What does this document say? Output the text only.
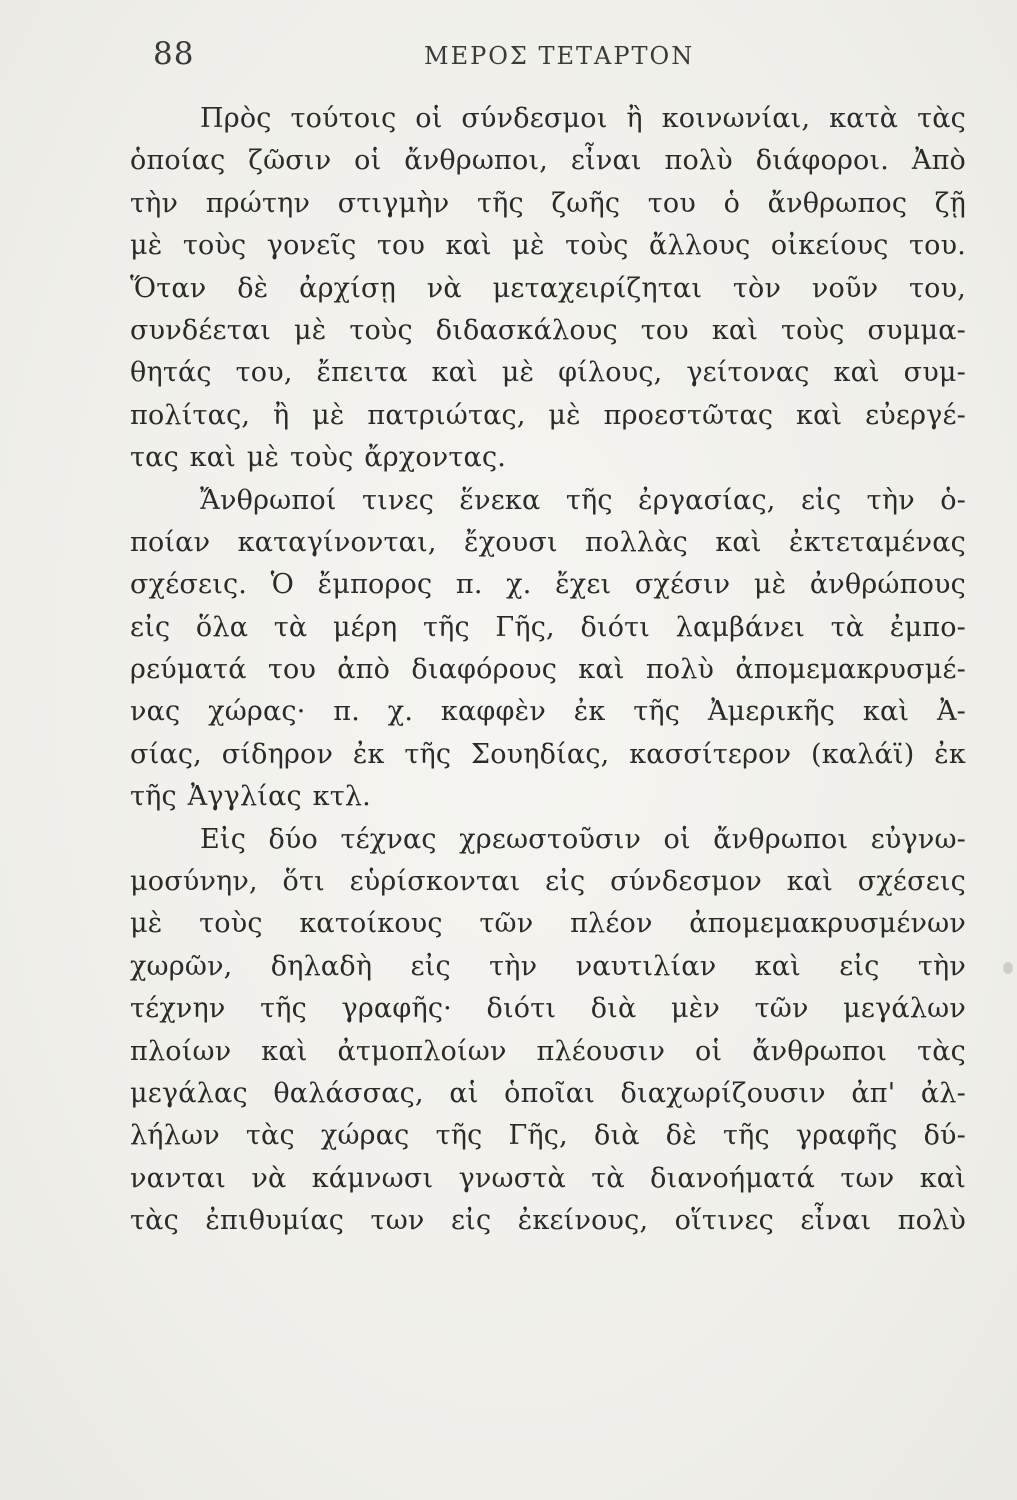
88	ΜΕΡΟΣ ΤΕΤΑΡΤΟΝ
Πρὸς τούτοις οἱ σύνδεσμοι ἢ κοινωνίαι, κατὰ τὰς
ὁποίας ζῶσιν οἱ ἄνθρωποι, εἶναι πολὺ διάφοροι. Ἀπὸ
τὴν πρώτην στιγμὴν τῆς ζωῆς του ὁ ἄνθρωπος ζῇ
μὲ τοὺς γονεῖς του καὶ μὲ τοὺς ἄλλους οἰκείους του.
Ὅταν δὲ ἀρχίσῃ νὰ μεταχειρίζηται τὸν νοῦν του,
συνδέεται μὲ τοὺς διδασκάλους του καὶ τοὺς συμμα-
θητάς του, ἔπειτα καὶ μὲ φίλους, γείτονας καὶ συμ-
πολίτας, ἢ μὲ πατριώτας, μὲ προεστῶτας καὶ εὐεργέ-
τας καὶ μὲ τοὺς ἄρχοντας.
Ἄνθρωποί τινες ἕνεκα τῆς ἐργασίας, εἰς τὴν ὁ-
ποίαν καταγίνονται, ἔχουσι πολλὰς καὶ ἐκτεταμένας
σχέσεις. Ὁ ἔμπορος π. χ. ἔχει σχέσιν μὲ ἀνθρώπους
εἰς ὅλα τὰ μέρη τῆς Γῆς, διότι λαμβάνει τὰ ἐμπο-
ρεύματά του ἀπὸ διαφόρους καὶ πολὺ ἀπομεμακρυσμέ-
νας χώρας· π. χ. καφφὲν ἐκ τῆς Ἀμερικῆς καὶ Ἀ-
σίας, σίδηρον ἐκ τῆς Σουηδίας, κασσίτερον (καλάϊ) ἐκ
τῆς Ἀγγλίας κτλ.
Εἰς δύο τέχνας χρεωστοῦσιν οἱ ἄνθρωποι εὐγνω-
μοσύνην, ὅτι εὑρίσκονται εἰς σύνδεσμον καὶ σχέσεις
μὲ τοὺς κατοίκους τῶν πλέον ἀπομεμακρυσμένων
χωρῶν, δηλαδὴ εἰς τὴν ναυτιλίαν καὶ εἰς τὴν
τέχνην τῆς γραφῆς· διότι διὰ μὲν τῶν μεγάλων
πλοίων καὶ ἀτμοπλοίων πλέουσιν οἱ ἄνθρωποι τὰς
μεγάλας θαλάσσας, αἱ ὁποῖαι διαχωρίζουσιν ἀπ' ἀλ-
λήλων τὰς χώρας τῆς Γῆς, διὰ δὲ τῆς γραφῆς δύ-
νανται νὰ κάμνωσι γνωστὰ τὰ διανοήματά των καὶ
τὰς ἐπιθυμίας των εἰς ἐκείνους, οἵτινες εἶναι πολὺ
